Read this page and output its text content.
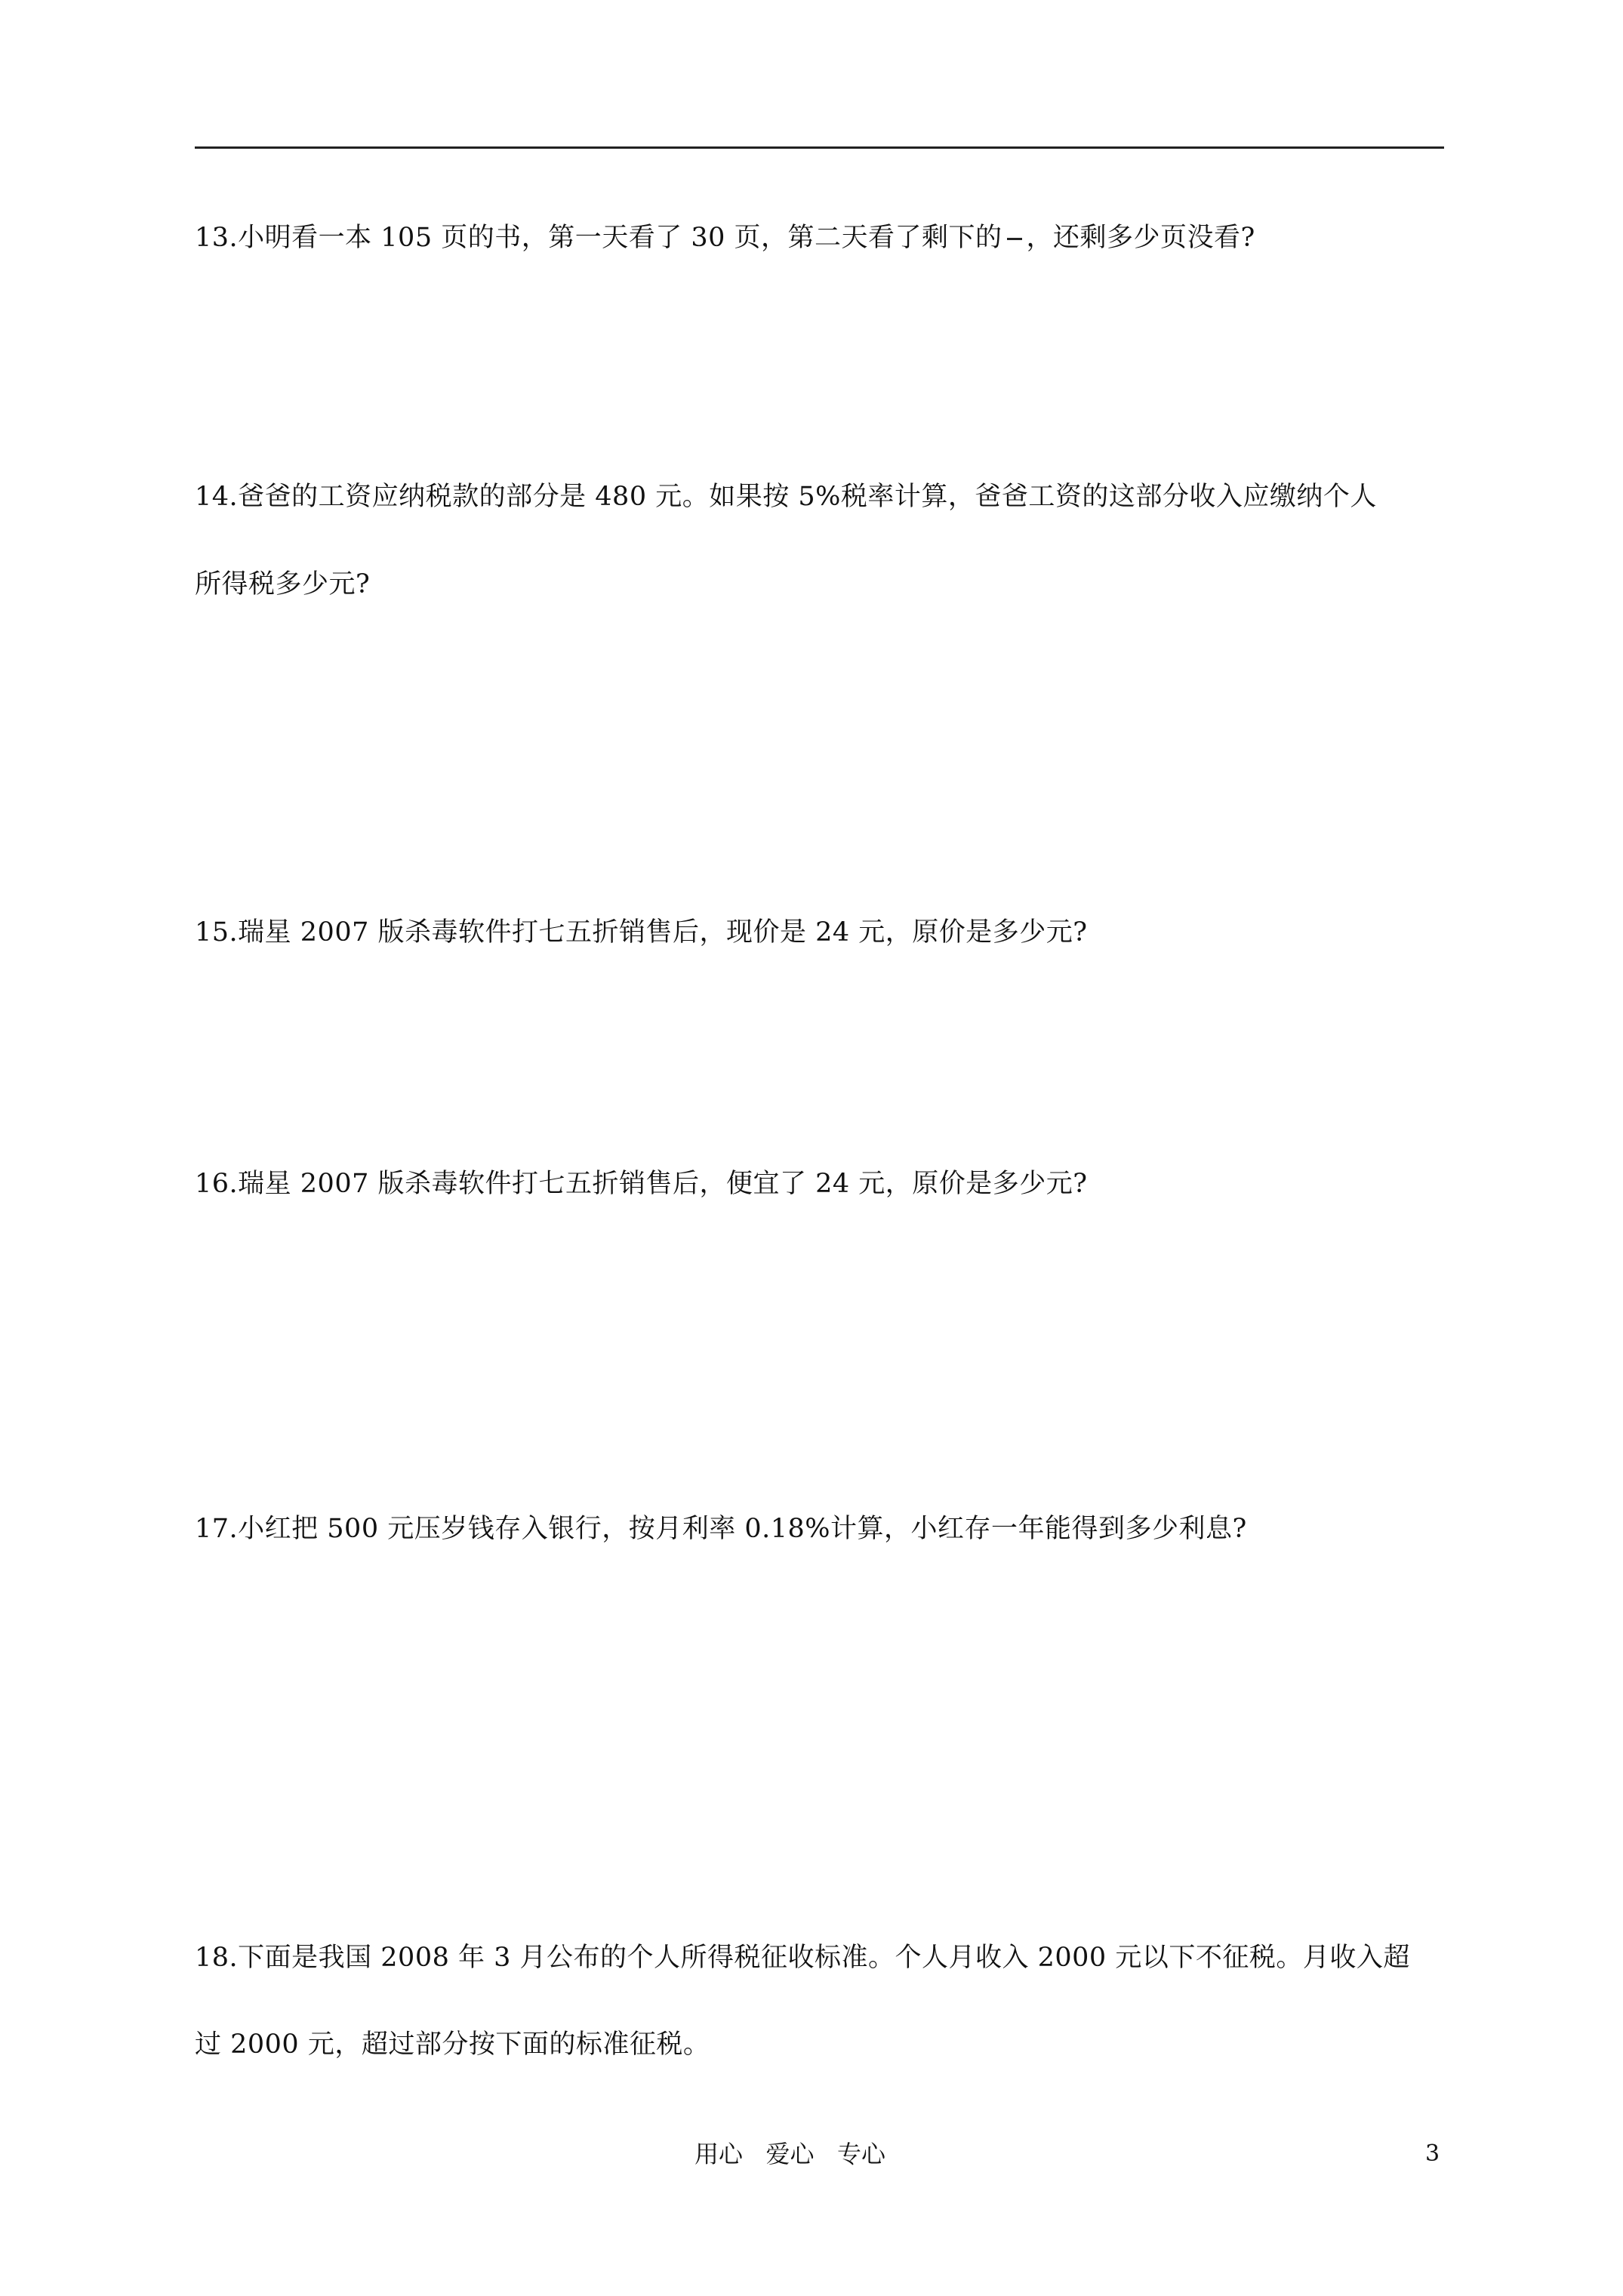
13.小明看一本 105 页的书，第一天看了 30 页，第二天看了剩下的 ，还剩多少页没看?
14.爸爸的工资应纳税款的部分是 480 元。如果按 5%税率计算，爸爸工资的这部分收入应缴纳个人
所得税多少元?
15.瑞星 2007 版杀毒软件打七五折销售后，现价是 24 元，原价是多少元?
16.瑞星 2007 版杀毒软件打七五折销售后，便宜了 24 元，原价是多少元?
17.小红把 500 元压岁钱存入银行，按月利率 0.18%计算，小红存一年能得到多少利息?
18.下面是我国 2008 年 3 月公布的个人所得税征收标准。个人月收入 2000 元以下不征税。月收入超
过 2000 元，超过部分按下面的标准征税。
用心   爱心   专心	3
